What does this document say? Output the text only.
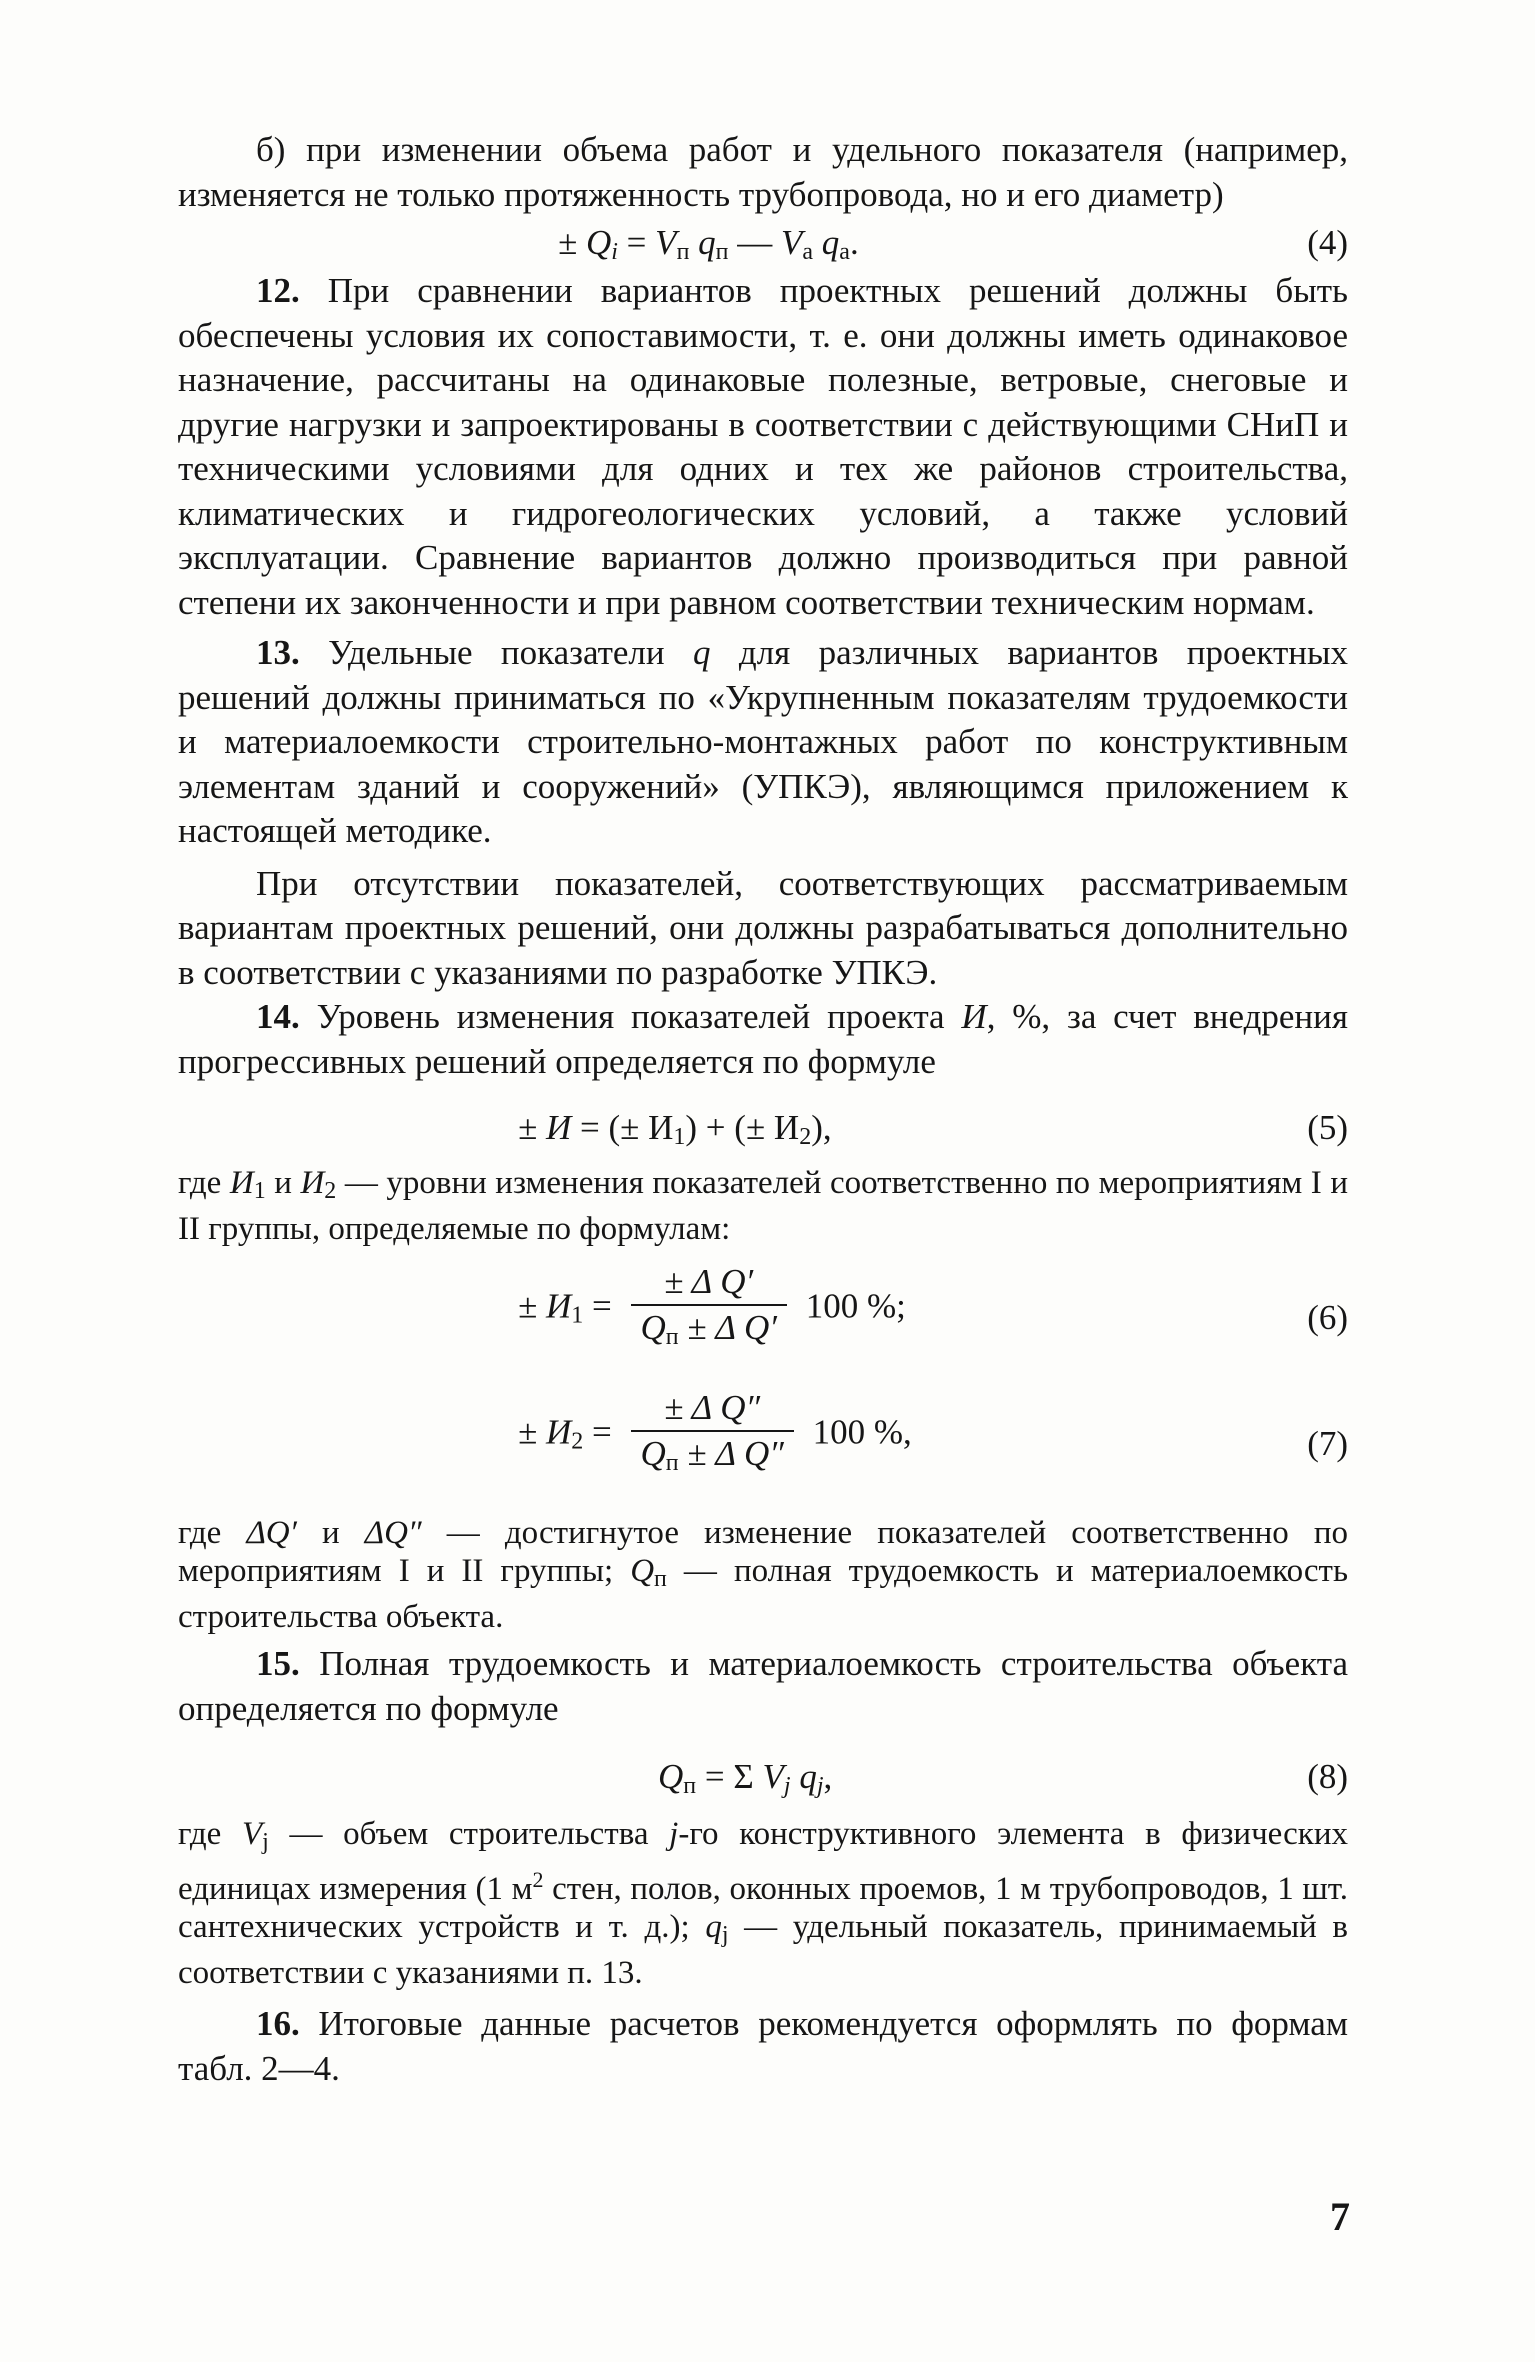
б) при изменении объема работ и удельного показателя (например, изменяется не только протяженность трубопровода, но и его диаметр)

± $Q_i = V_п$ $q_п$ — $V_а$ $q_а$.	(4)

12. При сравнении вариантов проектных решений должны быть обеспечены условия их сопоставимости, т. е. они должны иметь одинаковое назначение, рассчитаны на одинаковые полезные, ветровые, снеговые и другие нагрузки и запроектированы в соответствии с действующими СНиП и техническими условиями для одних и тех же районов строительства, климатических и гидрогеологических условий, а также условий эксплуатации. Сравнение вариантов должно производиться при равной степени их законченности и при равном соответствии техническим нормам.

13. Удельные показатели q для различных вариантов проектных решений должны приниматься по «Укрупненным показателям трудоемкости и материалоемкости строительно-монтажных работ по конструктивным элементам зданий и сооружений» (УПКЭ), являющимся приложением к настоящей методике.

При отсутствии показателей, соответствующих рассматриваемым вариантам проектных решений, они должны разрабатываться дополнительно в соответствии с указаниями по разработке УПКЭ.

14. Уровень изменения показателей проекта И, %, за счет внедрения прогрессивных решений определяется по формуле

± И = (± $И_1$) + (± $И_2$),	(5)

где $И_1$ и $И_2$ — уровни изменения показателей соответственно по мероприятиям I и II группы, определяемые по формулам:

± $И_1 = \frac{\text{± Δ Q′}}{Q_п \pm \Delta Q'} 100$ %;	(6)
± $И_2 = \frac{\text{± Δ Q″}}{Q_п \pm \Delta Q''} 100$ %,	(7)

где ΔQ′ и ΔQ″ — достигнутое изменение показателей соответственно по мероприятиям I и II группы; $Q_п$ — полная трудоемкость и материалоемкость строительства объекта.

15. Полная трудоемкость и материалоемкость строительства объекта определяется по формуле

$Q_п = \Sigma$ $V_j$ $q_j$,	(8)

где $V_j$ — объем строительства j-го конструктивного элемента в физических единицах измерения (1 $м^2$ стен, полов, оконных проемов, 1 м трубопроводов, 1 шт. сантехнических устройств и т. д.); $q_j$ — удельный показатель, принимаемый в соответствии с указаниями п. 13.

16. Итоговые данные расчетов рекомендуется оформлять по формам табл. 2—4.

7
